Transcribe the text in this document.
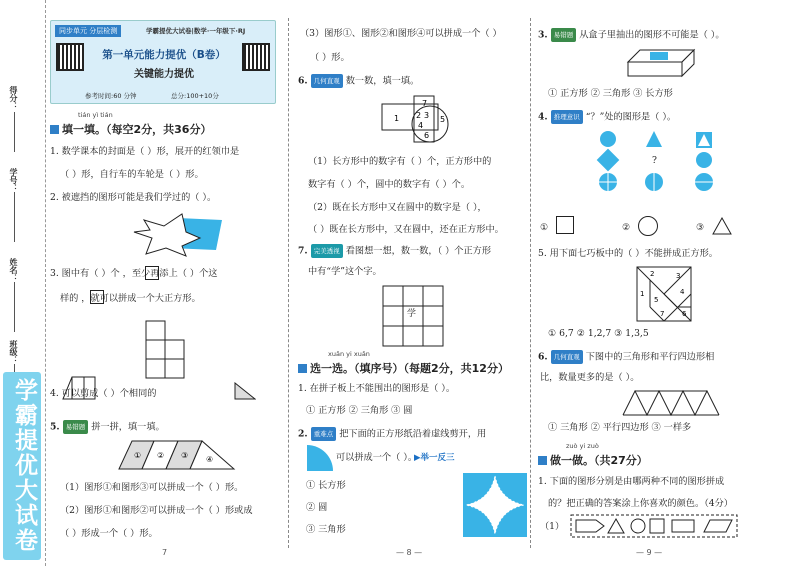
得分：
学号：
姓名：
班级：
学霸提优大试卷
同步单元 分层检测	学霸提优大试卷|数学·一年级下·RJ
第一单元能力提优（B卷）
关键能力提优
参考时间:60 分钟	总分:100+10分
tián yì tián
填一填。（每空2分，共36分）
1. 数学课本的封面是（ ）形，展开的红领巾是
（ ）形，自行车的车轮是（ ）形。
2. 被遮挡的图形可能是我们学过的（ ）。
3. 图中有（ ）个 ，至少再添上（ ）个这
样的 ，就可以拼成一个大正方形。
4. 可以剪成（ ）个相同的
5. 易错题 拼一拼，填一填。
① ② ③ ④
（1）图形①和图形③可以拼成一个（ ）形。
（2）图形①和图形②可以拼成一个（ ）形或成
（ ）形成一个（ ）形。
7
（3）图形①、图形②和图形④可以拼成一个（ ）
（ ）形。
6. 几何直观 数一数，填一填。
7
1 2 3
4
5
6
（1）长方形中的数字有（ ）个，正方形中的
数字有（ ）个，圆中的数字有（ ）个。
（2）既在长方形中又在圆中的数字是（ ），
（ ）既在长方形中，又在圆中，还在正方形中。
7. 完美透视 看图想一想，数一数，（ ）个正方形
中有“学”这个字。
学
xuǎn yi xuǎn
选一选。（填序号）（每题2分，共12分）
1. 在拼子板上不能围出的图形是（ ）。
① 正方形 ② 三角形 ③ 圆
2. 重难点 把下面的正方形纸沿着虚线剪开，用
可以拼成一个（ ）。
▶举一反三
① 长方形
② 圆
③ 三角形
— 8 —
3. 易错题 从盒子里抽出的图形不可能是（ ）。
① 正方形 ② 三角形 ③ 长方形
4. 推理意识 “？”处的图形是（ ）。
?
①	②	③
5. 用下面七巧板中的（ ）不能拼成正方形。
2	3
1	4
5
6
7
① 6,7 ② 1,2,7 ③ 1,3,5
6. 几何直观 下图中的三角形和平行四边形相
比，数量更多的是（ ）。
① 三角形 ② 平行四边形 ③ 一样多
zuò yi zuò
做一做。（共27分）
1. 下面的图形分别是由哪两种不同的图形拼成
的？把正确的答案涂上你喜欢的颜色。（4分）
（1）
— 9 —
